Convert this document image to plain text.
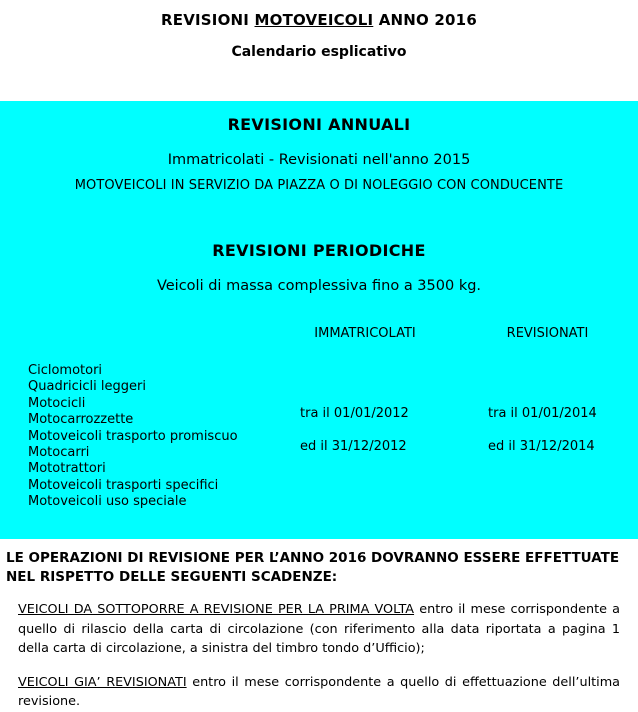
REVISIONI MOTOVEICOLI ANNO 2016
Calendario esplicativo
REVISIONI ANNUALI
Immatricolati - Revisionati nell'anno 2015
MOTOVEICOLI IN SERVIZIO DA PIAZZA O DI NOLEGGIO CON CONDUCENTE
REVISIONI PERIODICHE
Veicoli di massa complessiva fino a 3500 kg.
IMMATRICOLATI	REVISIONATI
Ciclomotori
Quadricicli leggeri
Motocicli
Motocarrozzette
Motoveicoli trasporto promiscuo
Motocarri
Mototrattori
Motoveicoli trasporti specifici
Motoveicoli uso speciale
tra il 01/01/2012
ed il 31/12/2012
tra il 01/01/2014
ed il 31/12/2014
LE OPERAZIONI DI REVISIONE PER L’ANNO 2016 DOVRANNO ESSERE EFFETTUATE
NEL RISPETTO DELLE SEGUENTI SCADENZE:
VEICOLI DA SOTTOPORRE A REVISIONE PER LA PRIMA VOLTA entro il mese corrispondente a quello di rilascio della carta di circolazione (con riferimento alla data riportata a pagina 1 della carta di circolazione, a sinistra del timbro tondo d’Ufficio);
VEICOLI GIA’ REVISIONATI entro il mese corrispondente a quello di effettuazione dell’ultima revisione.
